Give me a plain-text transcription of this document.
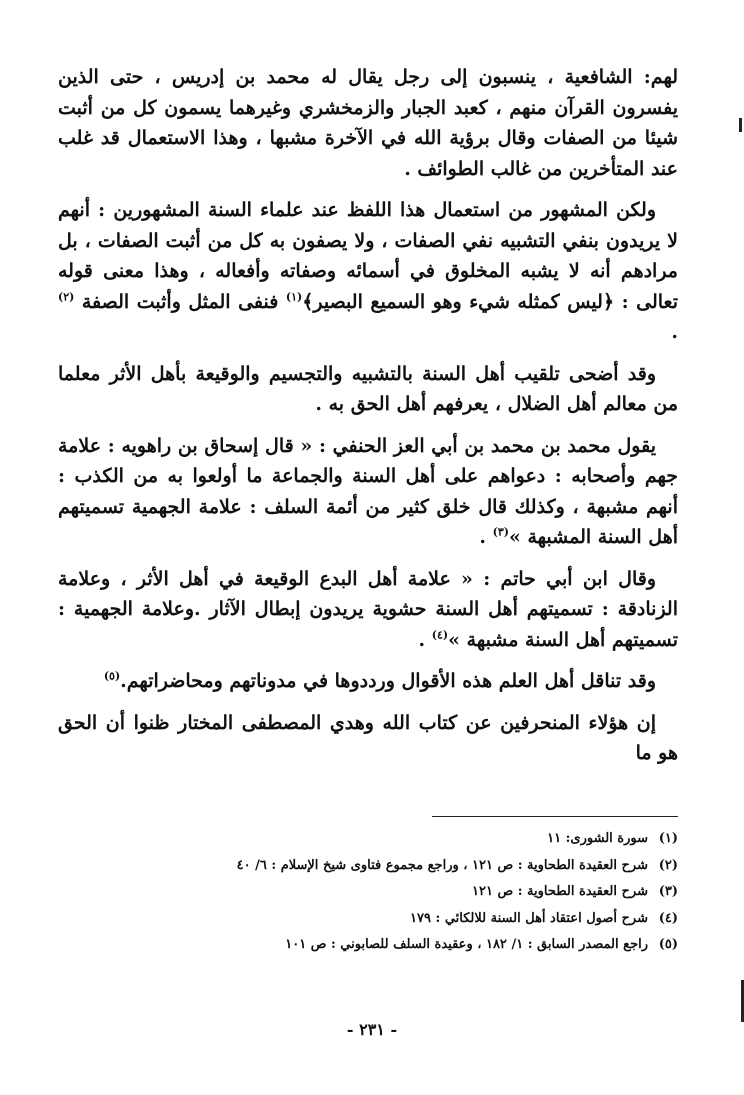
لهم: الشافعية ، ينسبون إلى رجل يقال له محمد بن إدريس ، حتى الذين يفسرون القرآن منهم ، كعبد الجبار والزمخشري وغيرهما يسمون كل من أثبت شيئا من الصفات وقال برؤية الله في الآخرة مشبها ، وهذا الاستعمال قد غلب عند المتأخرين من غالب الطوائف .

ولكن المشهور من استعمال هذا اللفظ عند علماء السنة المشهورين : أنهم لا يريدون بنفي التشبيه نفي الصفات ، ولا يصفون به كل من أثبت الصفات ، بل مرادهم أنه لا يشبه المخلوق في أسمائه وصفاته وأفعاله ، وهذا معنى قوله تعالى : ﴿ليس كمثله شيء وهو السميع البصير﴾$^{(١)}$ فنفى المثل وأثبت الصفة $^{(٢)}$ .

وقد أضحى تلقيب أهل السنة بالتشبيه والتجسيم والوقيعة بأهل الأثر معلما من معالم أهل الضلال ، يعرفهم أهل الحق به .

يقول محمد بن محمد بن أبي العز الحنفي : « قال إسحاق بن راهويه : علامة جهم وأصحابه : دعواهم على أهل السنة والجماعة ما أولعوا به من الكذب : أنهم مشبهة ، وكذلك قال خلق كثير من أئمة السلف : علامة الجهمية تسميتهم أهل السنة المشبهة »$^{(٣)}$ .

وقال ابن أبي حاتم : « علامة أهل البدع الوقيعة في أهل الأثر ، وعلامة الزنادقة : تسميتهم أهل السنة حشوية يريدون إبطال الآثار .وعلامة الجهمية : تسميتهم أهل السنة مشبهة »$^{(٤)}$ .

وقد تناقل أهل العلم هذه الأقوال ورددوها في مدوناتهم ومحاضراتهم.$^{(٥)}$

إن هؤلاء المنحرفين عن كتاب الله وهدي المصطفى المختار ظنوا أن الحق هو ما

(١)سورة الشورى: ١١
(٢)شرح العقيدة الطحاوية : ص ١٢١ ، وراجع مجموع فتاوى شيخ الإسلام : ٦/ ٤٠
(٣)شرح العقيدة الطحاوية : ص ١٢١
(٤)شرح أصول اعتقاد أهل السنة للالكائي : ١٧٩
(٥)راجع المصدر السابق : ١/ ١٨٢ ، وعقيدة السلف للصابوني : ص ١٠١
- ٢٣١ -
